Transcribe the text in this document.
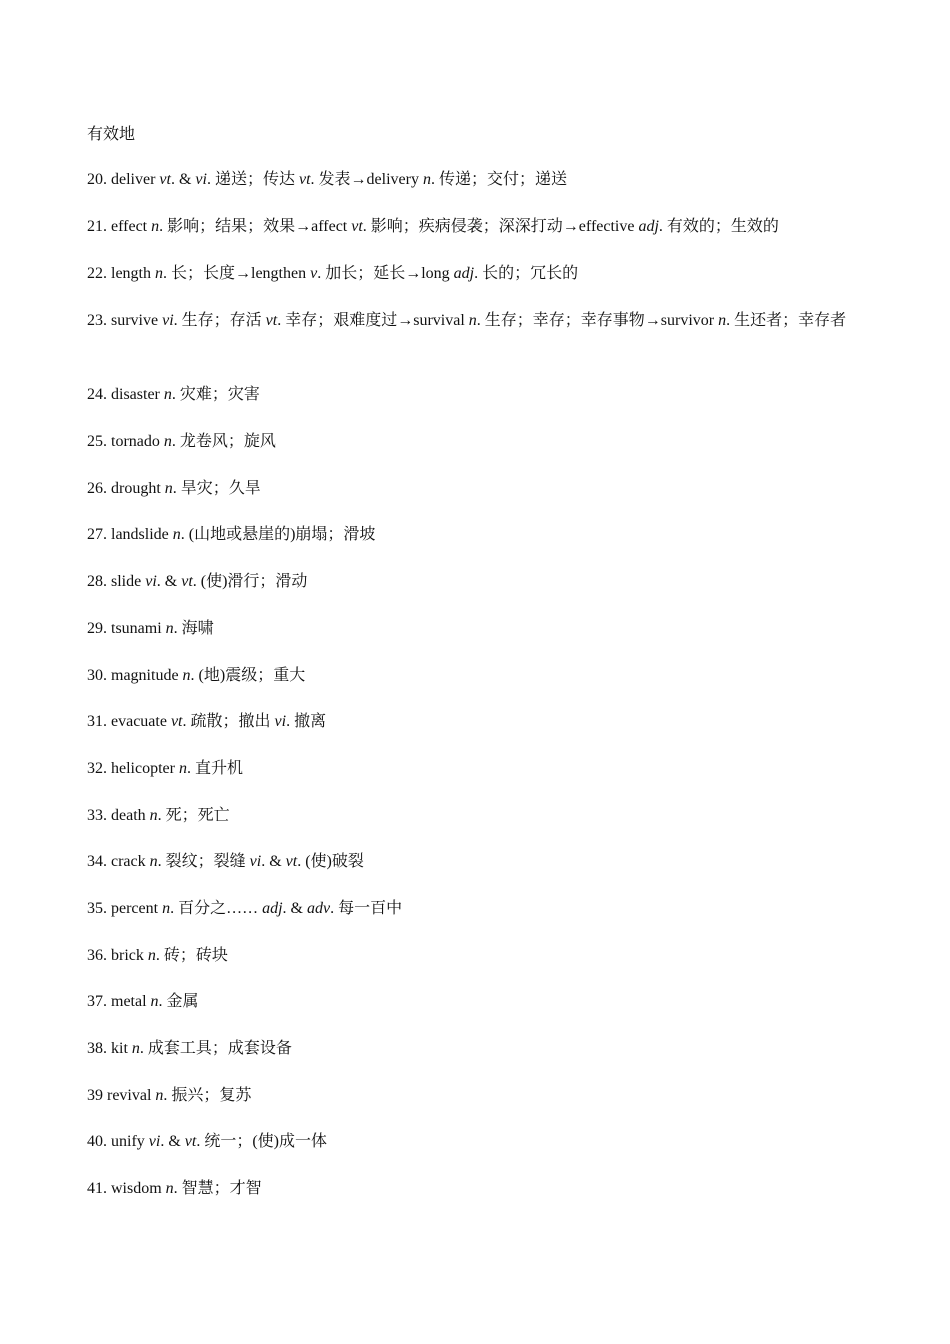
有效地
20. deliver vt. & vi. 递送；传达 vt. 发表→delivery n. 传递；交付；递送
21. effect n. 影响；结果；效果→affect vt. 影响；疾病侵袭；深深打动→effective adj. 有效的；生效的
22. length n. 长；长度→lengthen v. 加长；延长→long adj. 长的；冗长的
23. survive vi. 生存；存活 vt. 幸存；艰难度过→survival n. 生存；幸存；幸存事物→survivor n. 生还者；幸存者
24. disaster n. 灾难；灾害
25. tornado n. 龙卷风；旋风
26. drought n. 旱灾；久旱
27. landslide n. (山地或悬崖的)崩塌；滑坡
28. slide vi. & vt. (使)滑行；滑动
29. tsunami n. 海啸
30. magnitude n. (地)震级；重大
31. evacuate vt. 疏散；撤出 vi. 撤离
32. helicopter n. 直升机
33. death n. 死；死亡
34. crack n. 裂纹；裂缝 vi. & vt. (使)破裂
35. percent n. 百分之…… adj. & adv. 每一百中
36. brick n. 砖；砖块
37. metal n. 金属
38. kit n. 成套工具；成套设备
39 revival n. 振兴；复苏
40. unify vi. & vt. 统一；(使)成一体
41. wisdom n. 智慧；才智
